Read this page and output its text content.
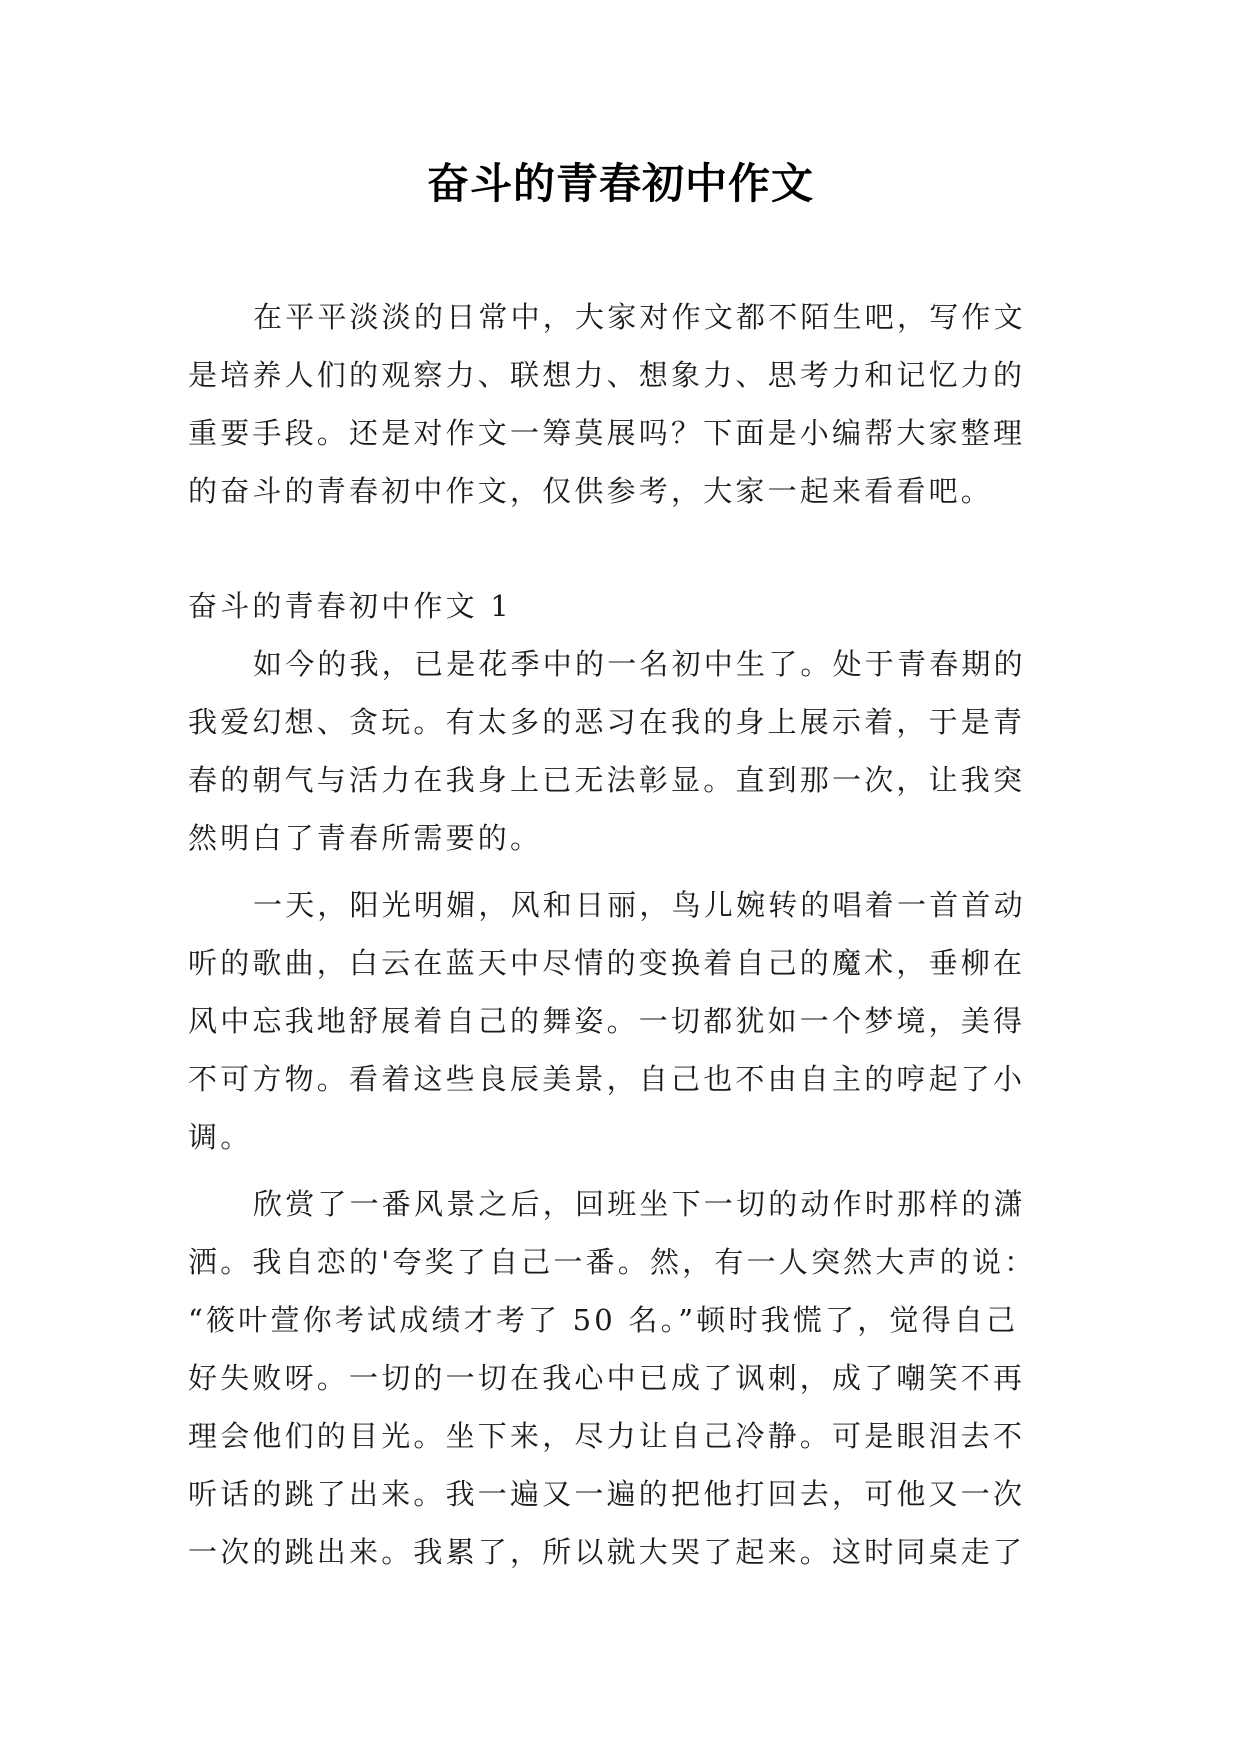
奋斗的青春初中作文
在平平淡淡的日常中，大家对作文都不陌生吧，写作文
是培养人们的观察力、联想力、想象力、思考力和记忆力的
重要手段。还是对作文一筹莫展吗？下面是小编帮大家整理
的奋斗的青春初中作文，仅供参考，大家一起来看看吧。
奋斗的青春初中作文 1
如今的我，已是花季中的一名初中生了。处于青春期的
我爱幻想、贪玩。有太多的恶习在我的身上展示着，于是青
春的朝气与活力在我身上已无法彰显。直到那一次，让我突
然明白了青春所需要的。
一天，阳光明媚，风和日丽，鸟儿婉转的唱着一首首动
听的歌曲，白云在蓝天中尽情的变换着自己的魔术，垂柳在
风中忘我地舒展着自己的舞姿。一切都犹如一个梦境，美得
不可方物。看着这些良辰美景，自己也不由自主的哼起了小
调。
欣赏了一番风景之后，回班坐下一切的动作时那样的潇
洒。我自恋的'夸奖了自己一番。然，有一人突然大声的说：
“筱叶萱你考试成绩才考了 50 名。”顿时我慌了，觉得自己
好失败呀。一切的一切在我心中已成了讽刺，成了嘲笑不再
理会他们的目光。坐下来，尽力让自己冷静。可是眼泪去不
听话的跳了出来。我一遍又一遍的把他打回去，可他又一次
一次的跳出来。我累了，所以就大哭了起来。这时同桌走了
